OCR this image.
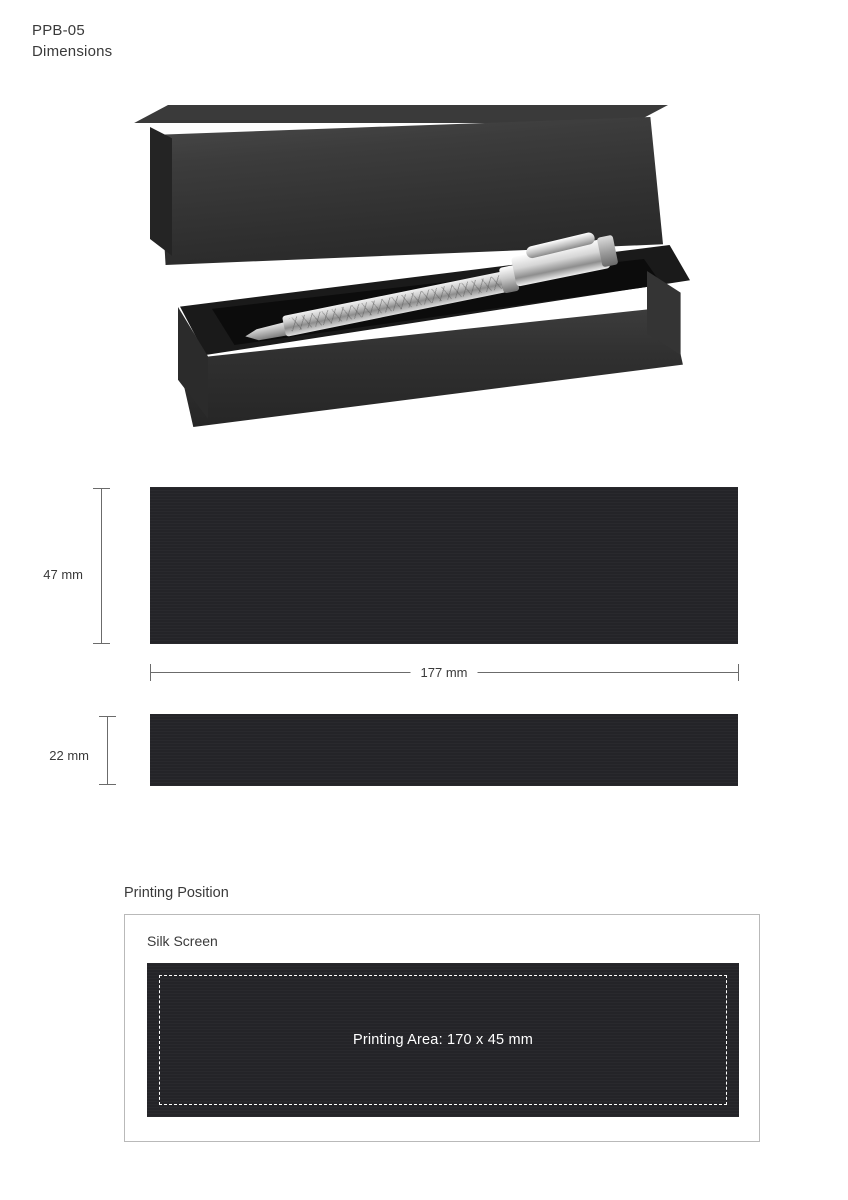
PPB-05
Dimensions
47 mm
177 mm
22 mm
Printing Position
Silk Screen
Printing Area: 170 x 45 mm
